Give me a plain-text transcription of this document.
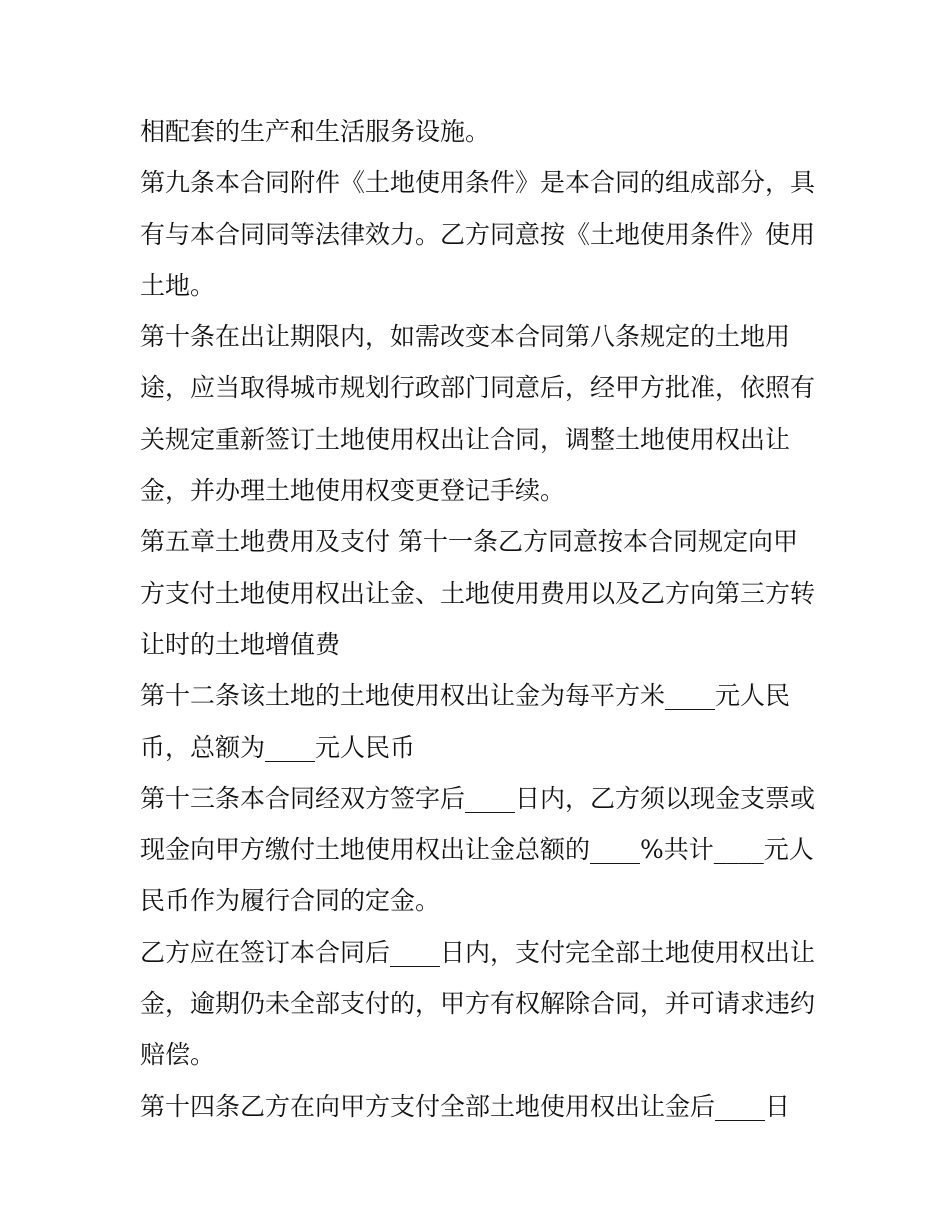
相配套的生产和生活服务设施。
第九条本合同附件《土地使用条件》是本合同的组成部分，具
有与本合同同等法律效力。乙方同意按《土地使用条件》使用
土地。
第十条在出让期限内，如需改变本合同第八条规定的土地用
途，应当取得城市规划行政部门同意后，经甲方批准，依照有
关规定重新签订土地使用权出让合同，调整土地使用权出让
金，并办理土地使用权变更登记手续。
第五章土地费用及支付 第十一条乙方同意按本合同规定向甲
方支付土地使用权出让金、土地使用费用以及乙方向第三方转
让时的土地增值费
第十二条该土地的土地使用权出让金为每平方米____元人民
币，总额为____元人民币
第十三条本合同经双方签字后____日内，乙方须以现金支票或
现金向甲方缴付土地使用权出让金总额的____%共计____元人
民币作为履行合同的定金。
乙方应在签订本合同后____日内，支付完全部土地使用权出让
金，逾期仍未全部支付的，甲方有权解除合同，并可请求违约
赔偿。
第十四条乙方在向甲方支付全部土地使用权出让金后____日
